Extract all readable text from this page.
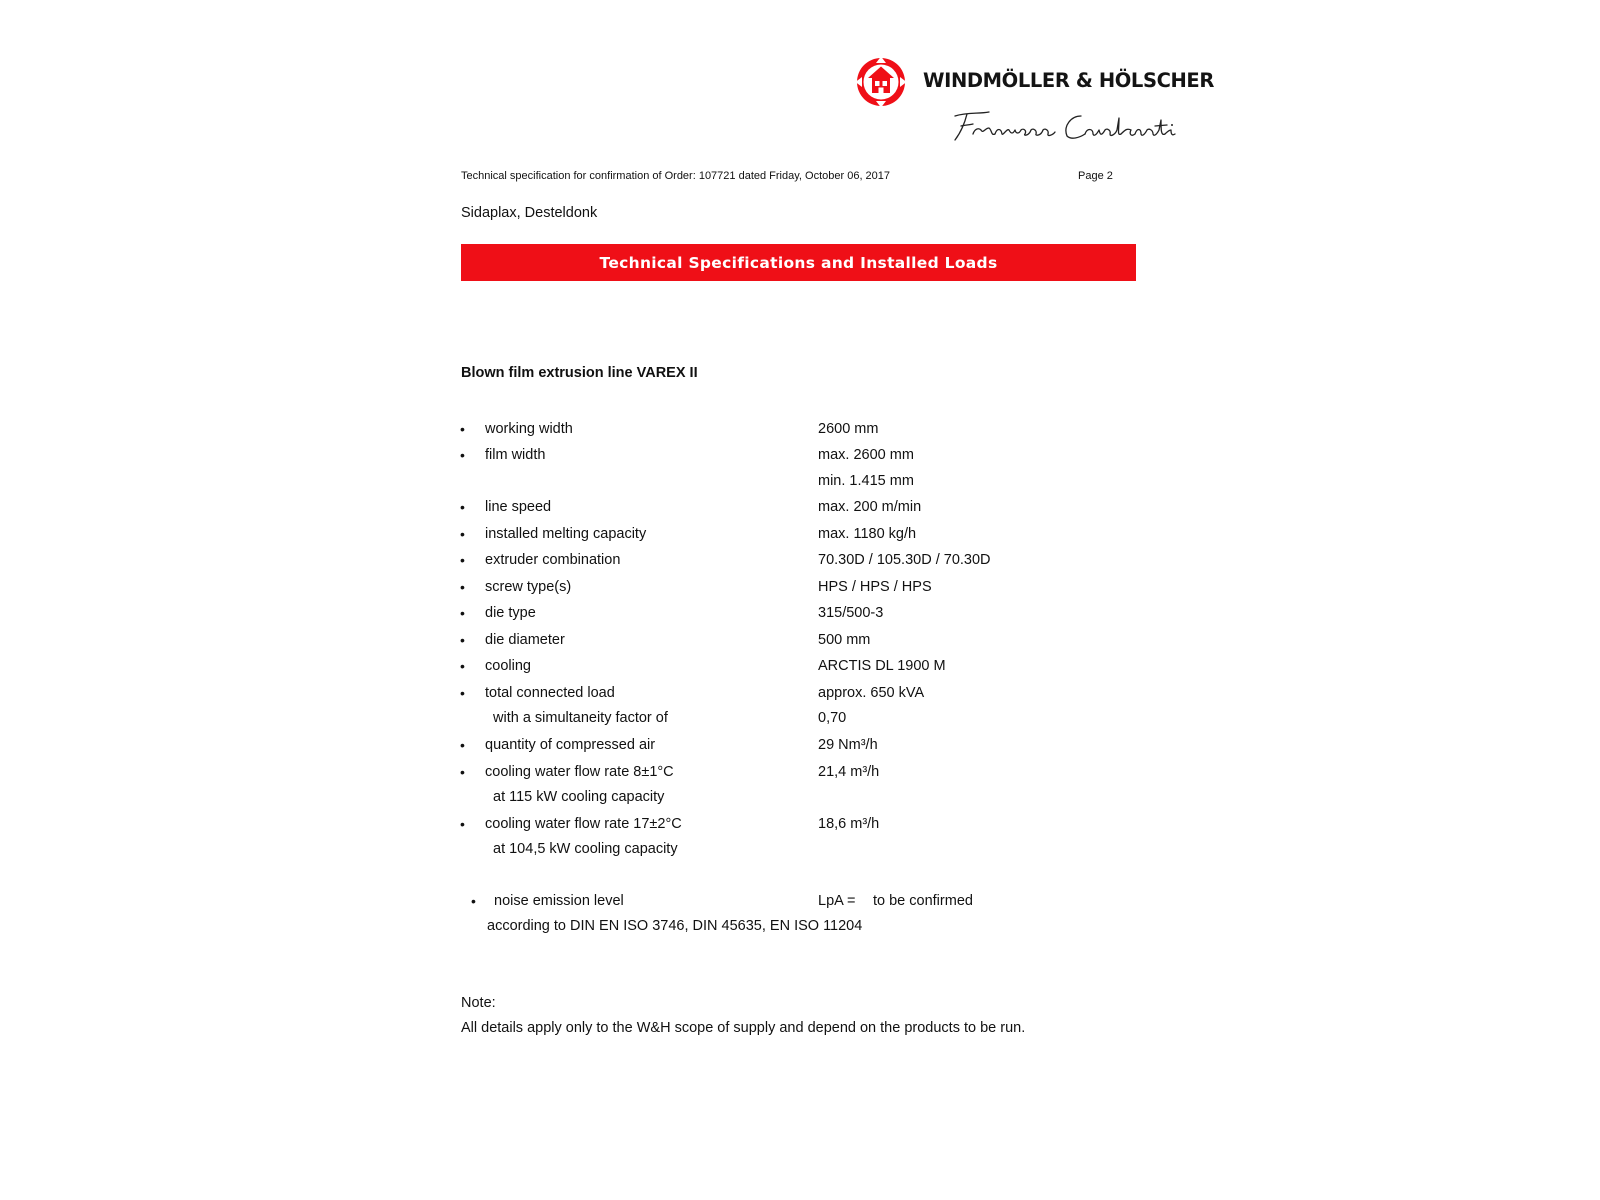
WINDMÖLLER & HÖLSCHER
Technical specification for confirmation of Order: 107721 dated Friday, October 06, 2017	Page 2
Sidaplax, Desteldonk
Technical Specifications and Installed Loads
Blown film extrusion line VAREX II
• working width	2600 mm
• film width	max. 2600 mm
min. 1.415 mm
• line speed	max. 200 m/min
• installed melting capacity	max. 1180 kg/h
• extruder combination	70.30D / 105.30D / 70.30D
• screw type(s)	HPS / HPS / HPS
• die type	315/500-3
• die diameter	500 mm
• cooling	ARCTIS DL 1900 M
• total connected load	approx. 650 kVA
with a simultaneity factor of	0,70
• quantity of compressed air	29 Nm³/h
• cooling water flow rate 8±1°C	21,4 m³/h
at 115 kW cooling capacity
• cooling water flow rate 17±2°C	18,6 m³/h
at 104,5 kW cooling capacity
• noise emission level	LpA = to be confirmed
according to DIN EN ISO 3746, DIN 45635, EN ISO 11204
Note:
All details apply only to the W&H scope of supply and depend on the products to be run.
